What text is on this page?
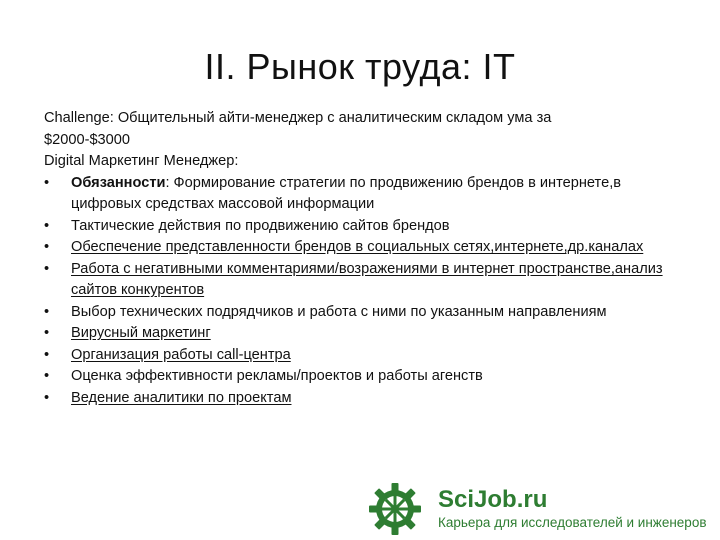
II. Рынок труда: IT

Challenge: Общительный айти-менеджер с аналитическим складом ума за

$2000-$3000

Digital Маркетинг Менеджер:

•	Обязанности: Формирование стратегии по продвижению брендов в интернете,в цифровых средствах массовой информации
•	Тактические действия по продвижению сайтов брендов
•	Обеспечение представленности брендов в социальных сетях,интернете,др.каналах
•	Работа с негативными комментариями/возражениями в интернет пространстве,анализ сайтов конкурентов
•	Выбор технических подрядчиков и работа с ними по указанным направлениям
•	Вирусный маркетинг
•	Организация работы call-центра
•	Оценка эффективности рекламы/проектов и работы агенств
•	Ведение аналитики по проектам
SciJob.ru
Карьера для исследователей и инженеров
